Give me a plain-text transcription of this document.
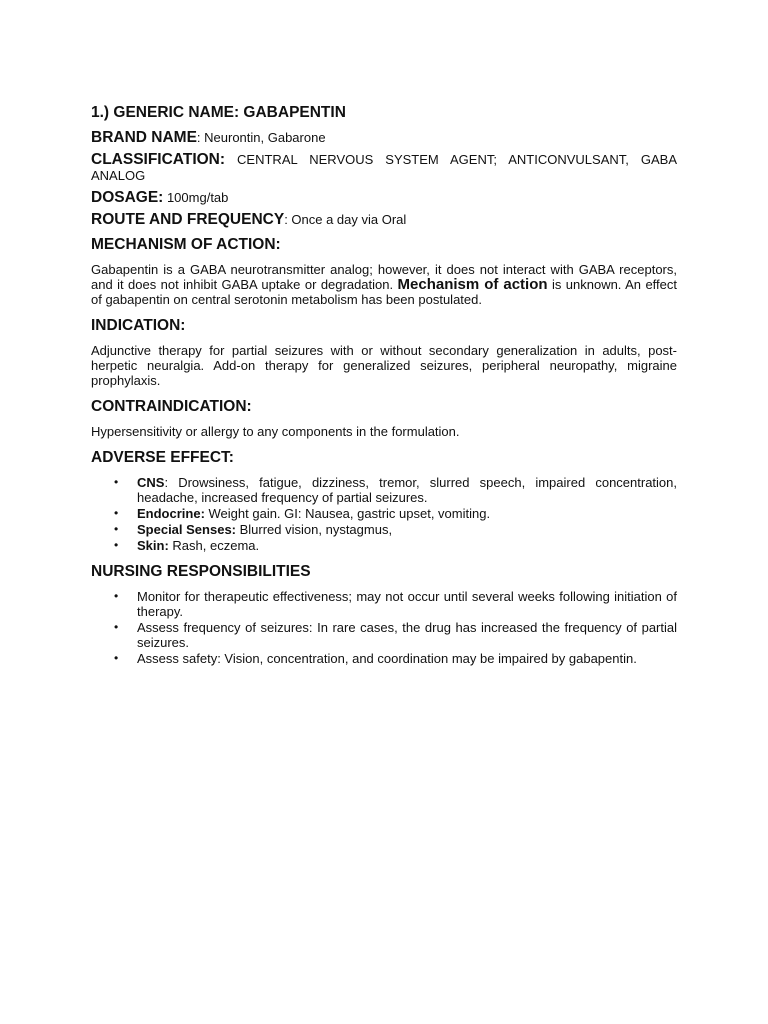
1.) GENERIC NAME: GABAPENTIN
BRAND NAME: Neurontin, Gabarone
CLASSIFICATION: CENTRAL NERVOUS SYSTEM AGENT; ANTICONVULSANT, GABA ANALOG
DOSAGE: 100mg/tab
ROUTE AND FREQUENCY: Once a day via Oral
MECHANISM OF ACTION:
Gabapentin is a GABA neurotransmitter analog; however, it does not interact with GABA receptors, and it does not inhibit GABA uptake or degradation. Mechanism of action is unknown. An effect of gabapentin on central serotonin metabolism has been postulated.
INDICATION:
Adjunctive therapy for partial seizures with or without secondary generalization in adults, post-herpetic neuralgia. Add-on therapy for generalized seizures, peripheral neuropathy, migraine prophylaxis.
CONTRAINDICATION:
Hypersensitivity or allergy to any components in the formulation.
ADVERSE EFFECT:
• CNS: Drowsiness, fatigue, dizziness, tremor, slurred speech, impaired concentration, headache, increased frequency of partial seizures.
• Endocrine: Weight gain. GI: Nausea, gastric upset, vomiting.
• Special Senses: Blurred vision, nystagmus,
• Skin: Rash, eczema.
NURSING RESPONSIBILITIES
• Monitor for therapeutic effectiveness; may not occur until several weeks following initiation of therapy.
• Assess frequency of seizures: In rare cases, the drug has increased the frequency of partial seizures.
• Assess safety: Vision, concentration, and coordination may be impaired by gabapentin.
